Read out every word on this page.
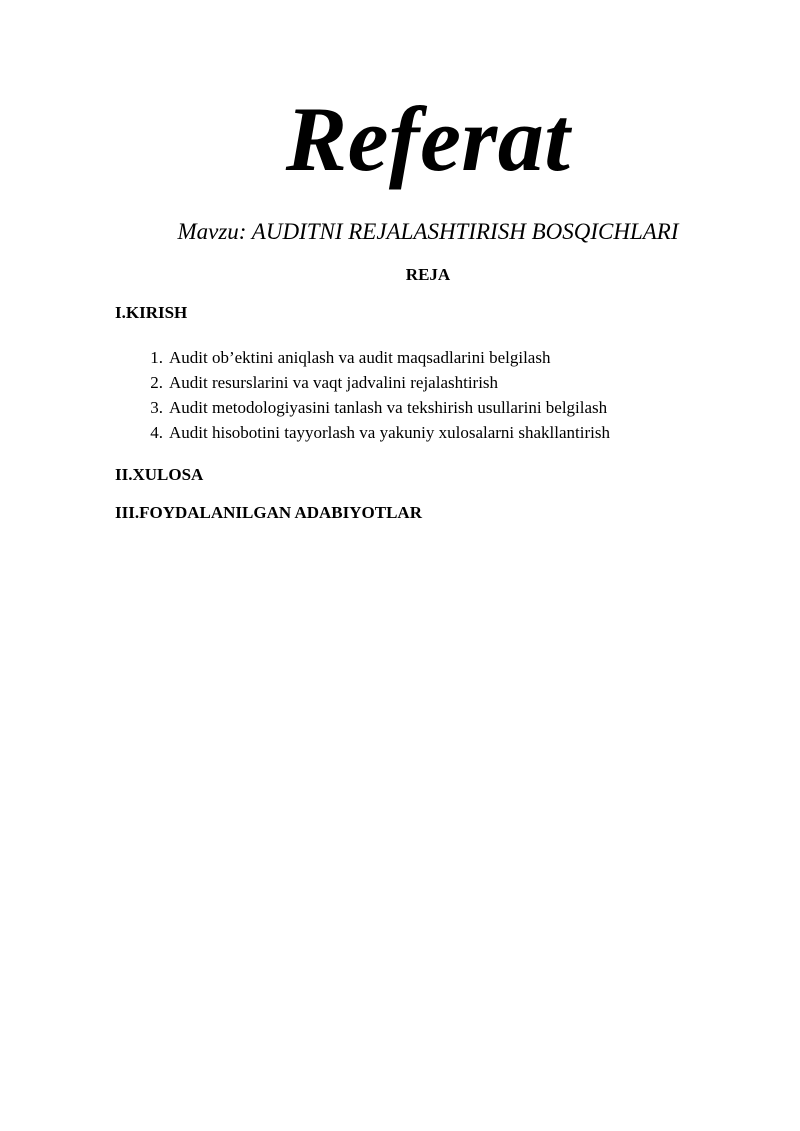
Referat
Mavzu: AUDITNI REJALASHTIRISH BOSQICHLARI
REJA
I.KIRISH
1. Audit ob’ektini aniqlash va audit maqsadlarini belgilash
2. Audit resurslarini va vaqt jadvalini rejalashtirish
3. Audit metodologiyasini tanlash va tekshirish usullarini belgilash
4. Audit hisobotini tayyorlash va yakuniy xulosalarni shakllantirish
II.XULOSA
III.FOYDALANILGAN ADABIYOTLAR
